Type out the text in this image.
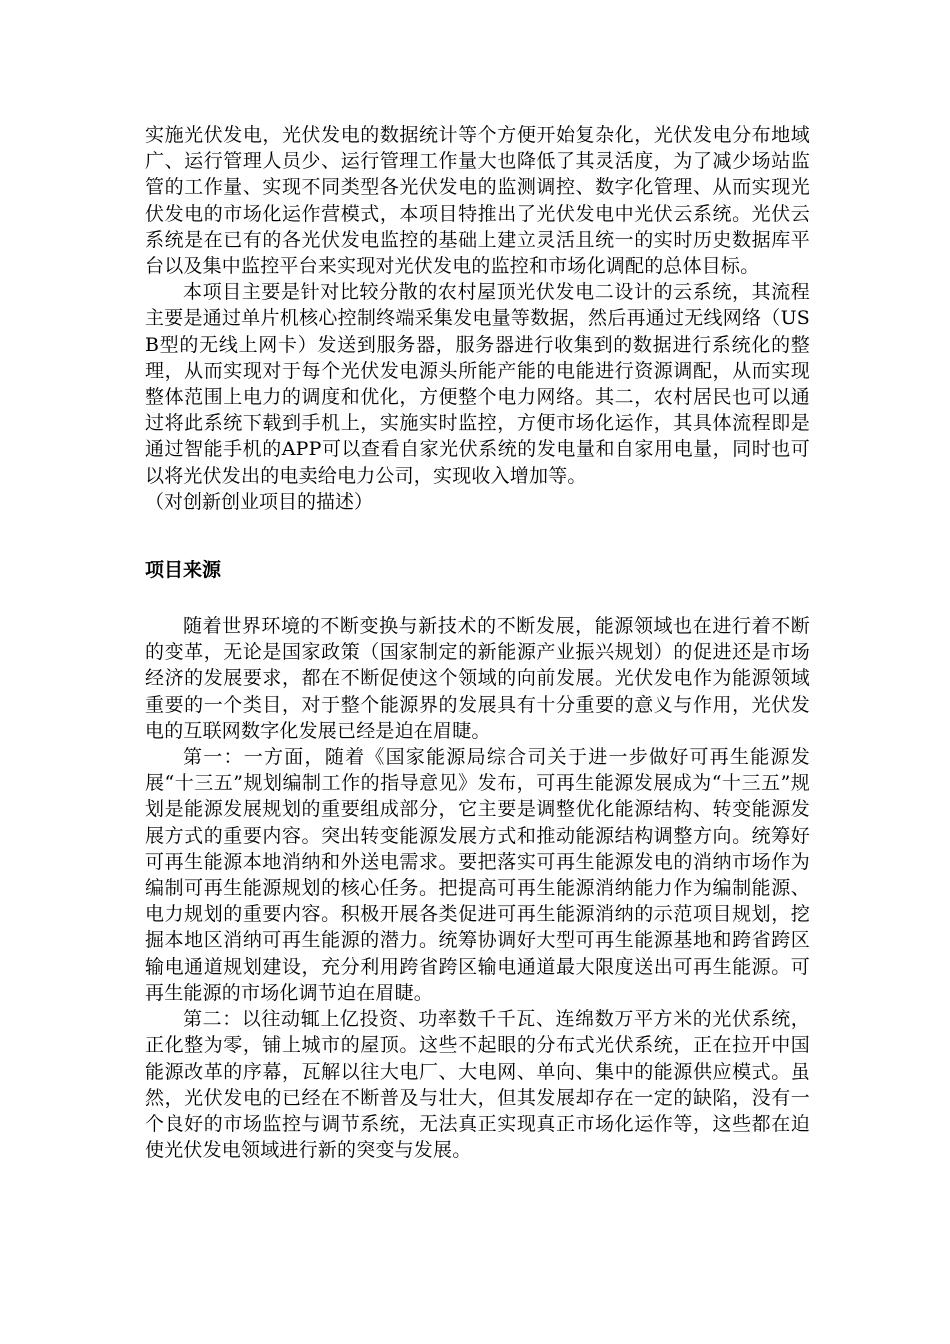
实施光伏发电，光伏发电的数据统计等个方便开始复杂化，光伏发电分布地域广、运行管理人员少、运行管理工作量大也降低了其灵活度，为了减少场站监管的工作量、实现不同类型各光伏发电的监测调控、数字化管理、从而实现光伏发电的市场化运作营模式，本项目特推出了光伏发电中光伏云系统。光伏云系统是在已有的各光伏发电监控的基础上建立灵活且统一的实时历史数据库平台以及集中监控平台来实现对光伏发电的监控和市场化调配的总体目标。

本项目主要是针对比较分散的农村屋顶光伏发电二设计的云系统，其流程主要是通过单片机核心控制终端采集发电量等数据，然后再通过无线网络（USB型的无线上网卡）发送到服务器，服务器进行收集到的数据进行系统化的整理，从而实现对于每个光伏发电源头所能产能的电能进行资源调配，从而实现整体范围上电力的调度和优化，方便整个电力网络。其二，农村居民也可以通过将此系统下载到手机上，实施实时监控，方便市场化运作，其具体流程即是通过智能手机的APP可以查看自家光伏系统的发电量和自家用电量，同时也可以将光伏发出的电卖给电力公司，实现收入增加等。

（对创新创业项目的描述）

项目来源

随着世界环境的不断变换与新技术的不断发展，能源领域也在进行着不断的变革，无论是国家政策（国家制定的新能源产业振兴规划）的促进还是市场经济的发展要求，都在不断促使这个领域的向前发展。光伏发电作为能源领域重要的一个类目，对于整个能源界的发展具有十分重要的意义与作用，光伏发电的互联网数字化发展已经是迫在眉睫。

第一：一方面，随着《国家能源局综合司关于进一步做好可再生能源发展“十三五”规划编制工作的指导意见》发布，可再生能源发展成为“十三五”规划是能源发展规划的重要组成部分，它主要是调整优化能源结构、转变能源发展方式的重要内容。突出转变能源发展方式和推动能源结构调整方向。统筹好可再生能源本地消纳和外送电需求。要把落实可再生能源发电的消纳市场作为编制可再生能源规划的核心任务。把提高可再生能源消纳能力作为编制能源、电力规划的重要内容。积极开展各类促进可再生能源消纳的示范项目规划，挖掘本地区消纳可再生能源的潜力。统筹协调好大型可再生能源基地和跨省跨区输电通道规划建设，充分利用跨省跨区输电通道最大限度送出可再生能源。可再生能源的市场化调节迫在眉睫。

第二：以往动辄上亿投资、功率数千千瓦、连绵数万平方米的光伏系统，正化整为零，铺上城市的屋顶。这些不起眼的分布式光伏系统，正在拉开中国能源改革的序幕，瓦解以往大电厂、大电网、单向、集中的能源供应模式。虽然，光伏发电的已经在不断普及与壮大，但其发展却存在一定的缺陷，没有一个良好的市场监控与调节系统，无法真正实现真正市场化运作等，这些都在迫使光伏发电领域进行新的突变与发展。
